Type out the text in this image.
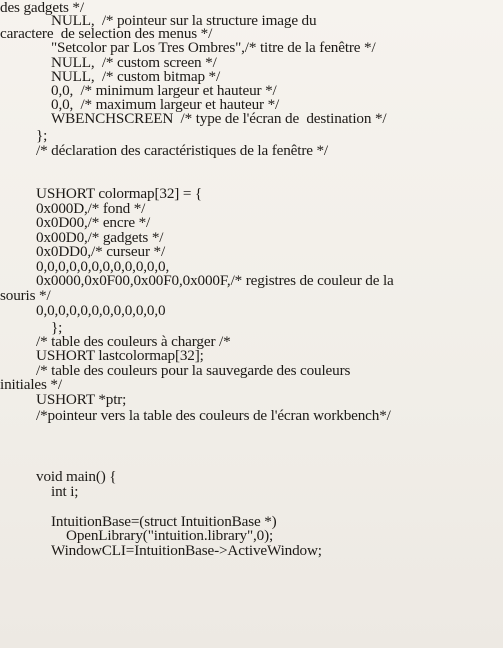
des gadgets */
NULL,  /* pointeur sur la structure image du
caractere  de selection des menus */
"Setcolor par Los Tres Ombres",/* titre de la fenêtre */
NULL,  /* custom screen */
NULL,  /* custom bitmap */
0,0,  /* minimum largeur et hauteur */
0,0,  /* maximum largeur et hauteur */
WBENCHSCREEN  /* type de l'écran de  destination */
};
/* déclaration des caractéristiques de la fenêtre */
USHORT colormap[32] = {
0x000D,/* fond */
0x0D00,/* encre */
0x00D0,/* gadgets */
0x0DD0,/* curseur */
0,0,0,0,0,0,0,0,0,0,0,0,
0x0000,0x0F00,0x00F0,0x000F,/* registres de couleur de la
souris */
0,0,0,0,0,0,0,0,0,0,0,0
};
/* table des couleurs à charger /*
USHORT lastcolormap[32];
/* table des couleurs pour la sauvegarde des couleurs
initiales */
USHORT *ptr;
/*pointeur vers la table des couleurs de l'écran workbench*/
void main() {
int i;
IntuitionBase=(struct IntuitionBase *)
OpenLibrary("intuition.library",0);
WindowCLI=IntuitionBase->ActiveWindow;
